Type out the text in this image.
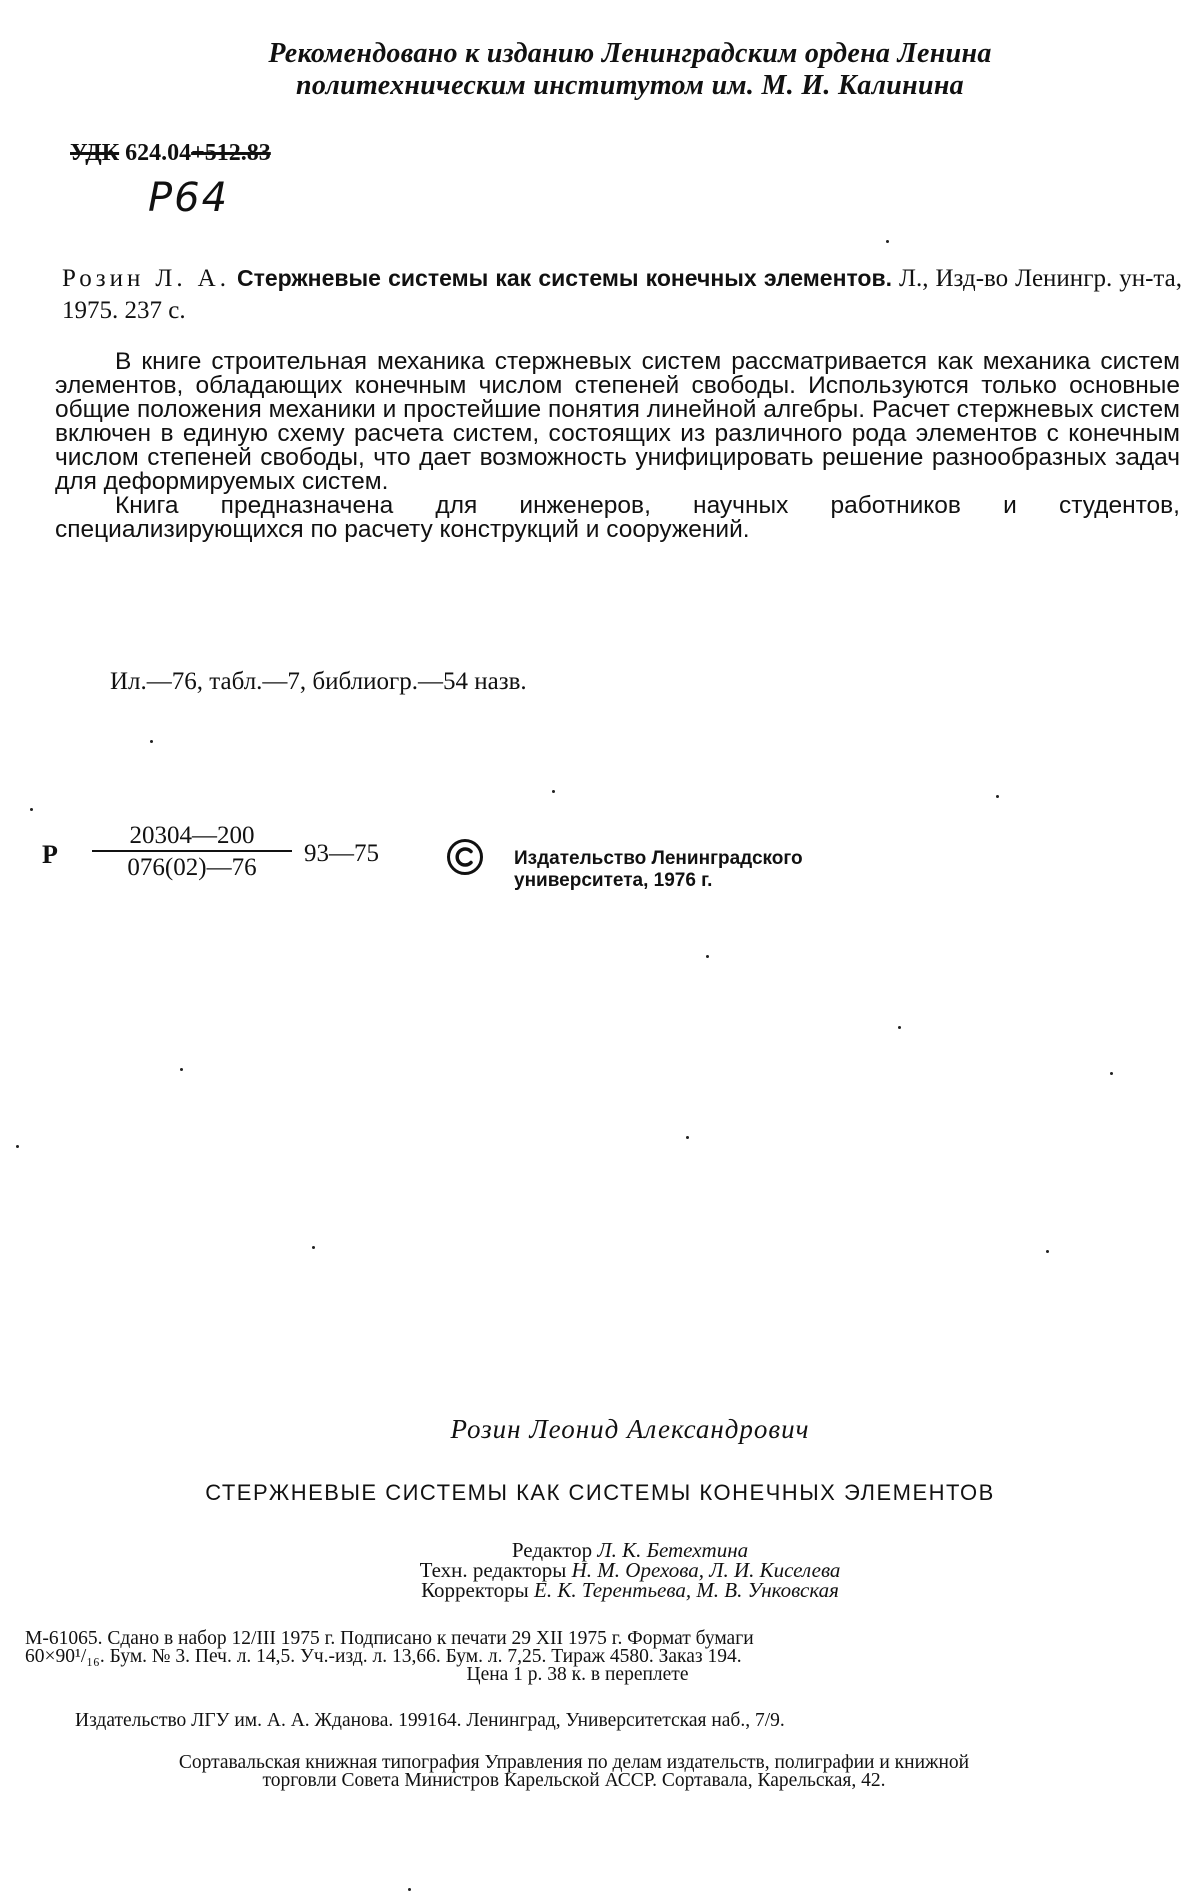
Рекомендовано к изданию Ленинградским ордена Ленина
политехническим институтом им. М. И. Калинина
УДК 624.04+512.83
Р64
Розин Л. А. Стержневые системы как системы конечных элементов. Л., Изд-во Ленингр. ун-та, 1975. 237 с.

В книге строительная механика стержневых систем рассматривается как механика систем элементов, обладающих конечным числом степеней свободы. Используются только основные общие положения механики и простейшие понятия линейной алгебры. Расчет стержневых систем включен в единую схему расчета систем, состоящих из различного рода элементов с конечным числом степеней свободы, что дает возможность унифицировать решение разнообразных задач для деформируемых систем.

Книга предназначена для инженеров, научных работников и студентов, специализирующихся по расчету конструкций и сооружений.

Ил.—76, табл.—7, библиогр.—54 назв.
Р
20304—200
076(02)—76
93—75	Издательство Ленинградского
университета, 1976 г.
Розин Леонид Александрович
СТЕРЖНЕВЫЕ СИСТЕМЫ КАК СИСТЕМЫ КОНЕЧНЫХ ЭЛЕМЕНТОВ
Редактор Л. К. Бетехтина
Техн. редакторы Н. М. Орехова, Л. И. Киселева
Корректоры Е. К. Терентьева, М. В. Унковская
М-61065. Сдано в набор 12/III 1975 г. Подписано к печати 29 XII 1975 г. Формат бумаги
60×90¹/₁₆. Бум. № 3. Печ. л. 14,5. Уч.-изд. л. 13,66. Бум. л. 7,25. Тираж 4580. Заказ 194.
Цена 1 р. 38 к. в переплете
Издательство ЛГУ им. А. А. Жданова. 199164. Ленинград, Университетская наб., 7/9.
Сортавальская книжная типография Управления по делам издательств, полиграфии и книжной
торговли Совета Министров Карельской АССР. Сортавала, Карельская, 42.
